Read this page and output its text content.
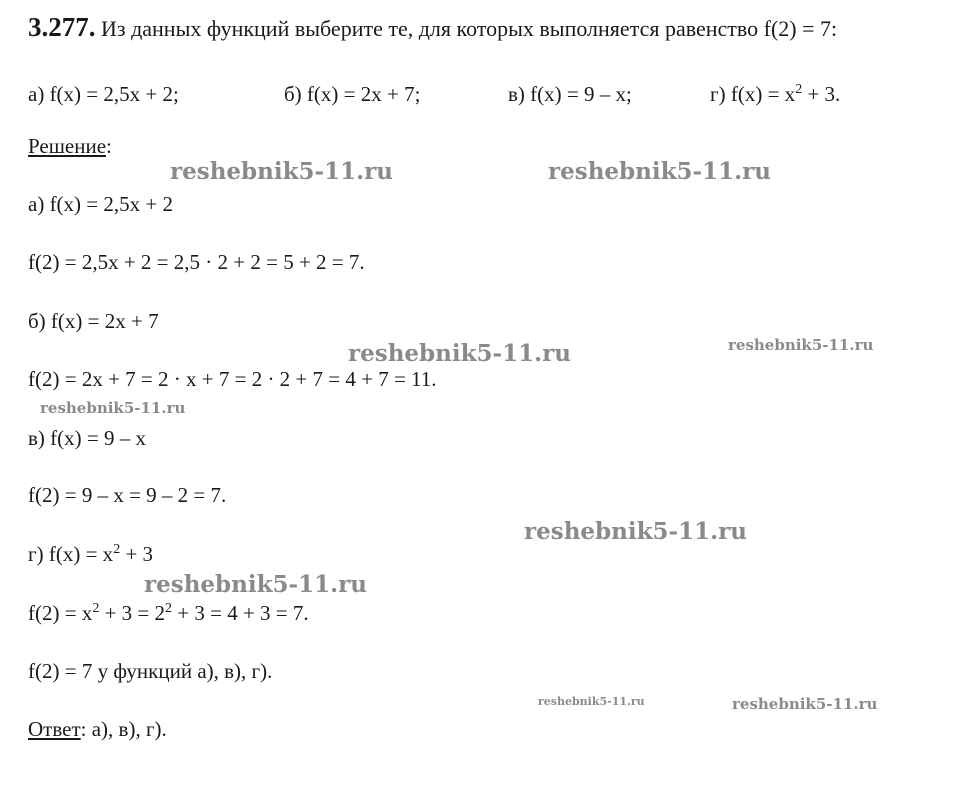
3.277. Из данных функций выберите те, для которых выполняется равенство f(2) = 7:
а) f(x) = 2,5x + 2;	б) f(x) = 2x + 7;	в) f(x) = 9 – x;	г) $f(x) = x^2 + 3$.
Решение:
а) f(x) = 2,5x + 2
f(2) = 2,5x + 2 = 2,5 · 2 + 2 = 5 + 2 = 7.
б) f(x) = 2x + 7
f(2) = 2x + 7 = 2 · x + 7 = 2 · 2 + 7 = 4 + 7 = 11.
в) f(x) = 9 – x
f(2) = 9 – x = 9 – 2 = 7.
г) $f(x) = x^2 + 3$
$f(2) = x^2 + 3 = 2^2 + 3 = 4 + 3 = 7$.
f(2) = 7 у функций а), в), г).
Ответ: а), в), г).
reshebnik5-11.ru	reshebnik5-11.ru
reshebnik5-11.ru	reshebnik5-11.ru
reshebnik5-11.ru
reshebnik5-11.ru
reshebnik5-11.ru
reshebnik5-11.ru	reshebnik5-11.ru
